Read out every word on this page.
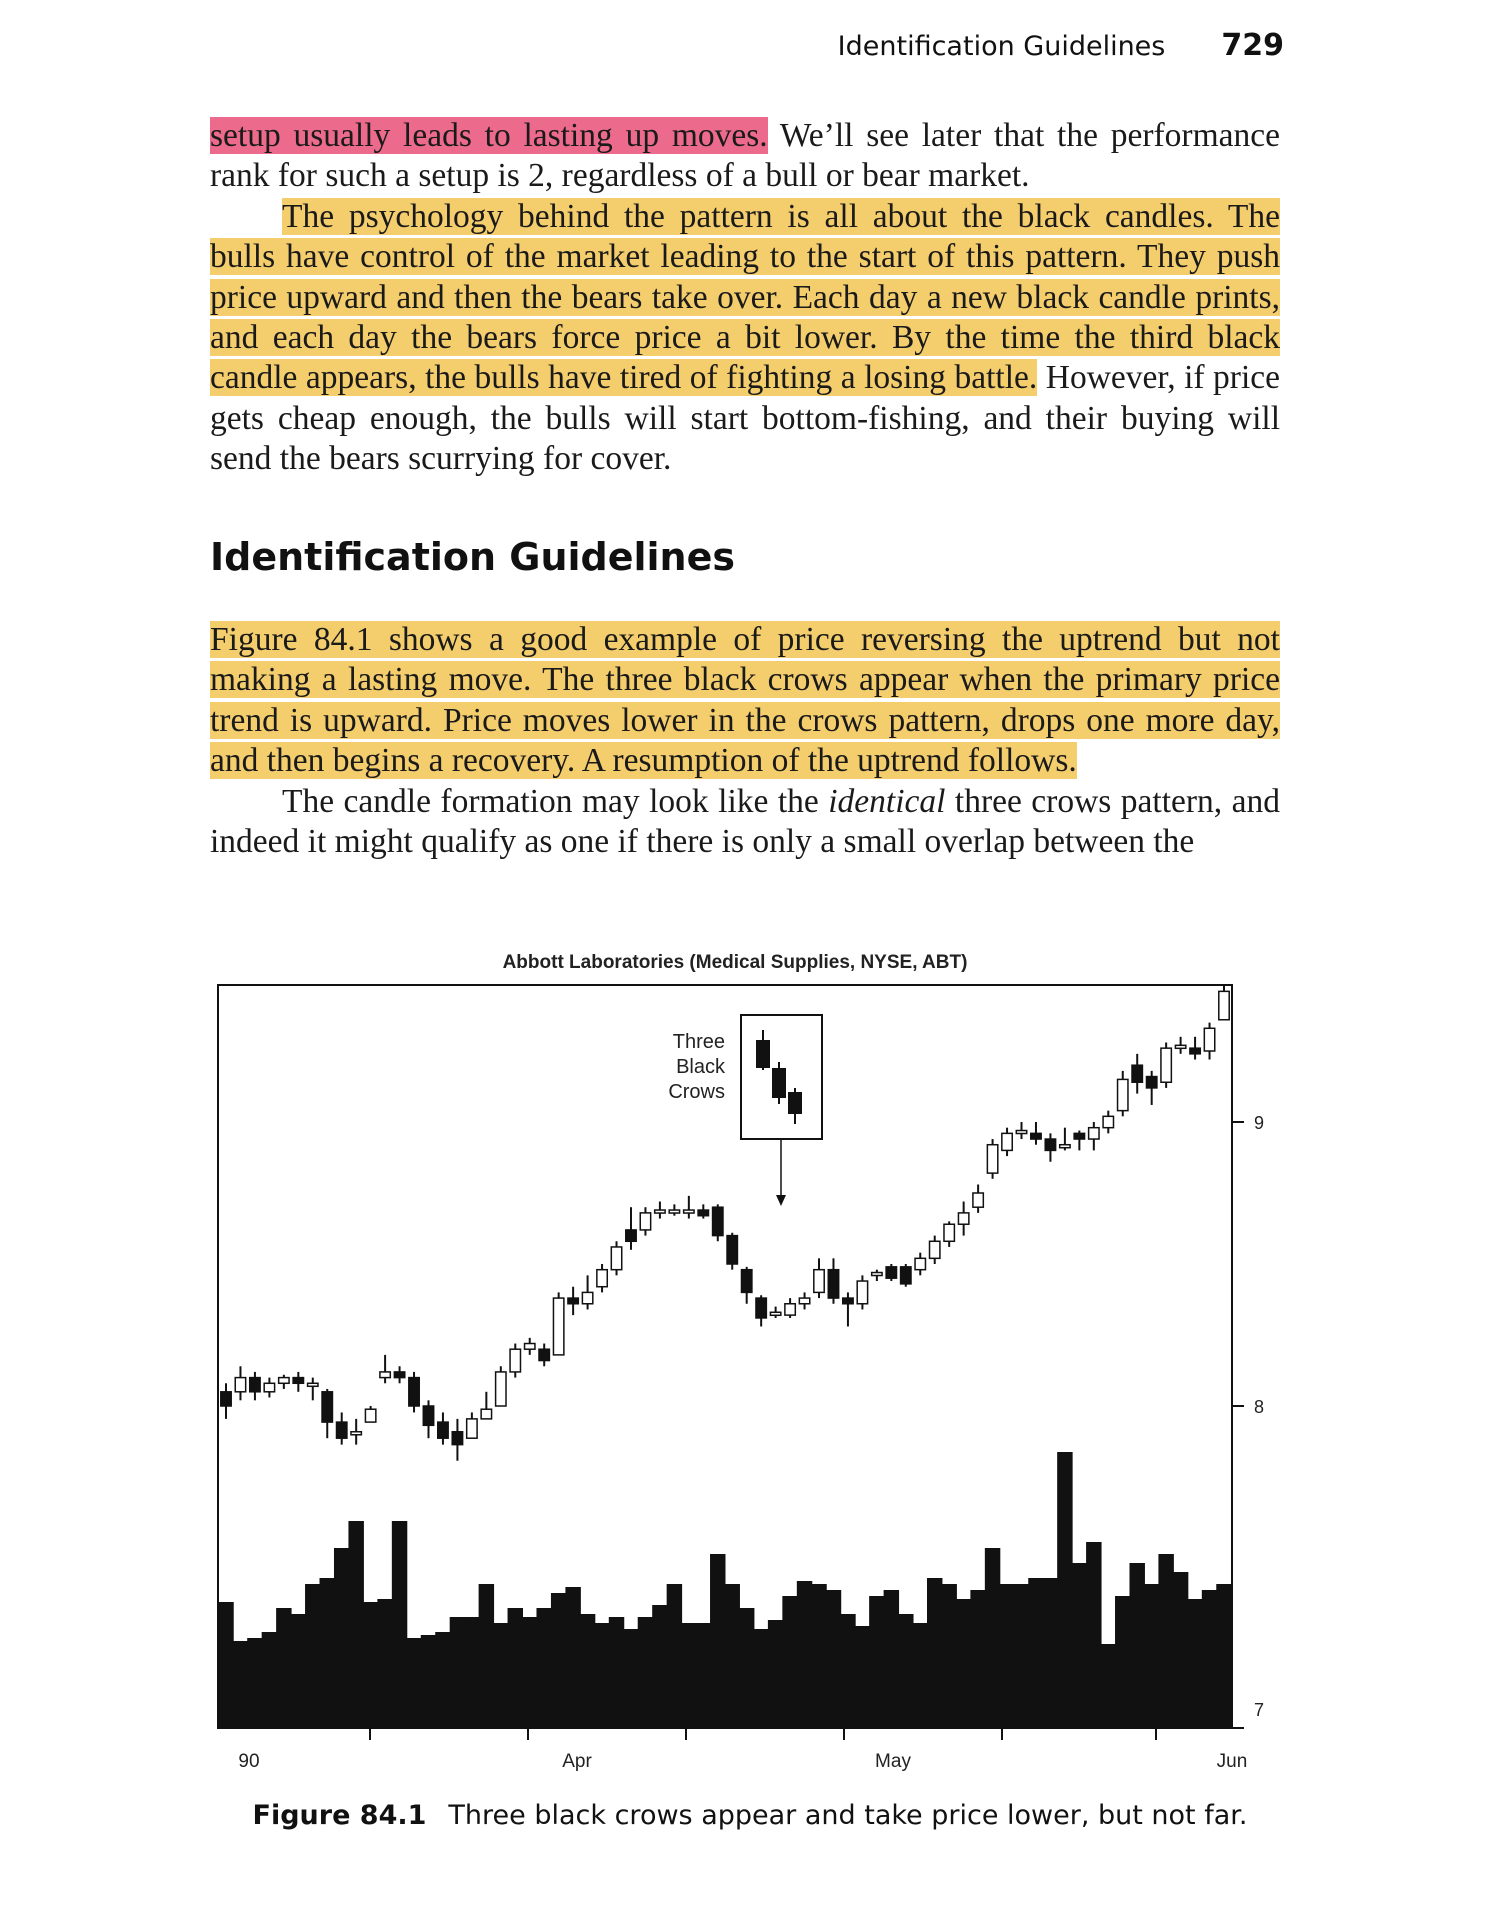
Identification Guidelines 729

setup usually leads to lasting up moves. We’ll see later that the performance rank for such a setup is 2, regardless of a bull or bear market.

The psychology behind the pattern is all about the black candles. The bulls have control of the market leading to the start of this pattern. They push price upward and then the bears take over. Each day a new black candle prints, and each day the bears force price a bit lower. By the time the third black candle appears, the bulls have tired of fighting a losing battle. However, if price gets cheap enough, the bulls will start bottom-fishing, and their buying will send the bears scurrying for cover.

Identification Guidelines

Figure 84.1 shows a good example of price reversing the uptrend but not making a lasting move. The three black crows appear when the primary price trend is upward. Price moves lower in the crows pattern, drops one more day, and then begins a recovery. A resumption of the uptrend follows.

The candle formation may look like the identical three crows pattern, and indeed it might qualify as one if there is only a small overlap between the

Abbott Laboratories (Medical Supplies, NYSE, ABT)
9
8
7
90	Apr	May	Jun
Three
Black
Crows
Figure 84.1 Three black crows appear and take price lower, but not far.
